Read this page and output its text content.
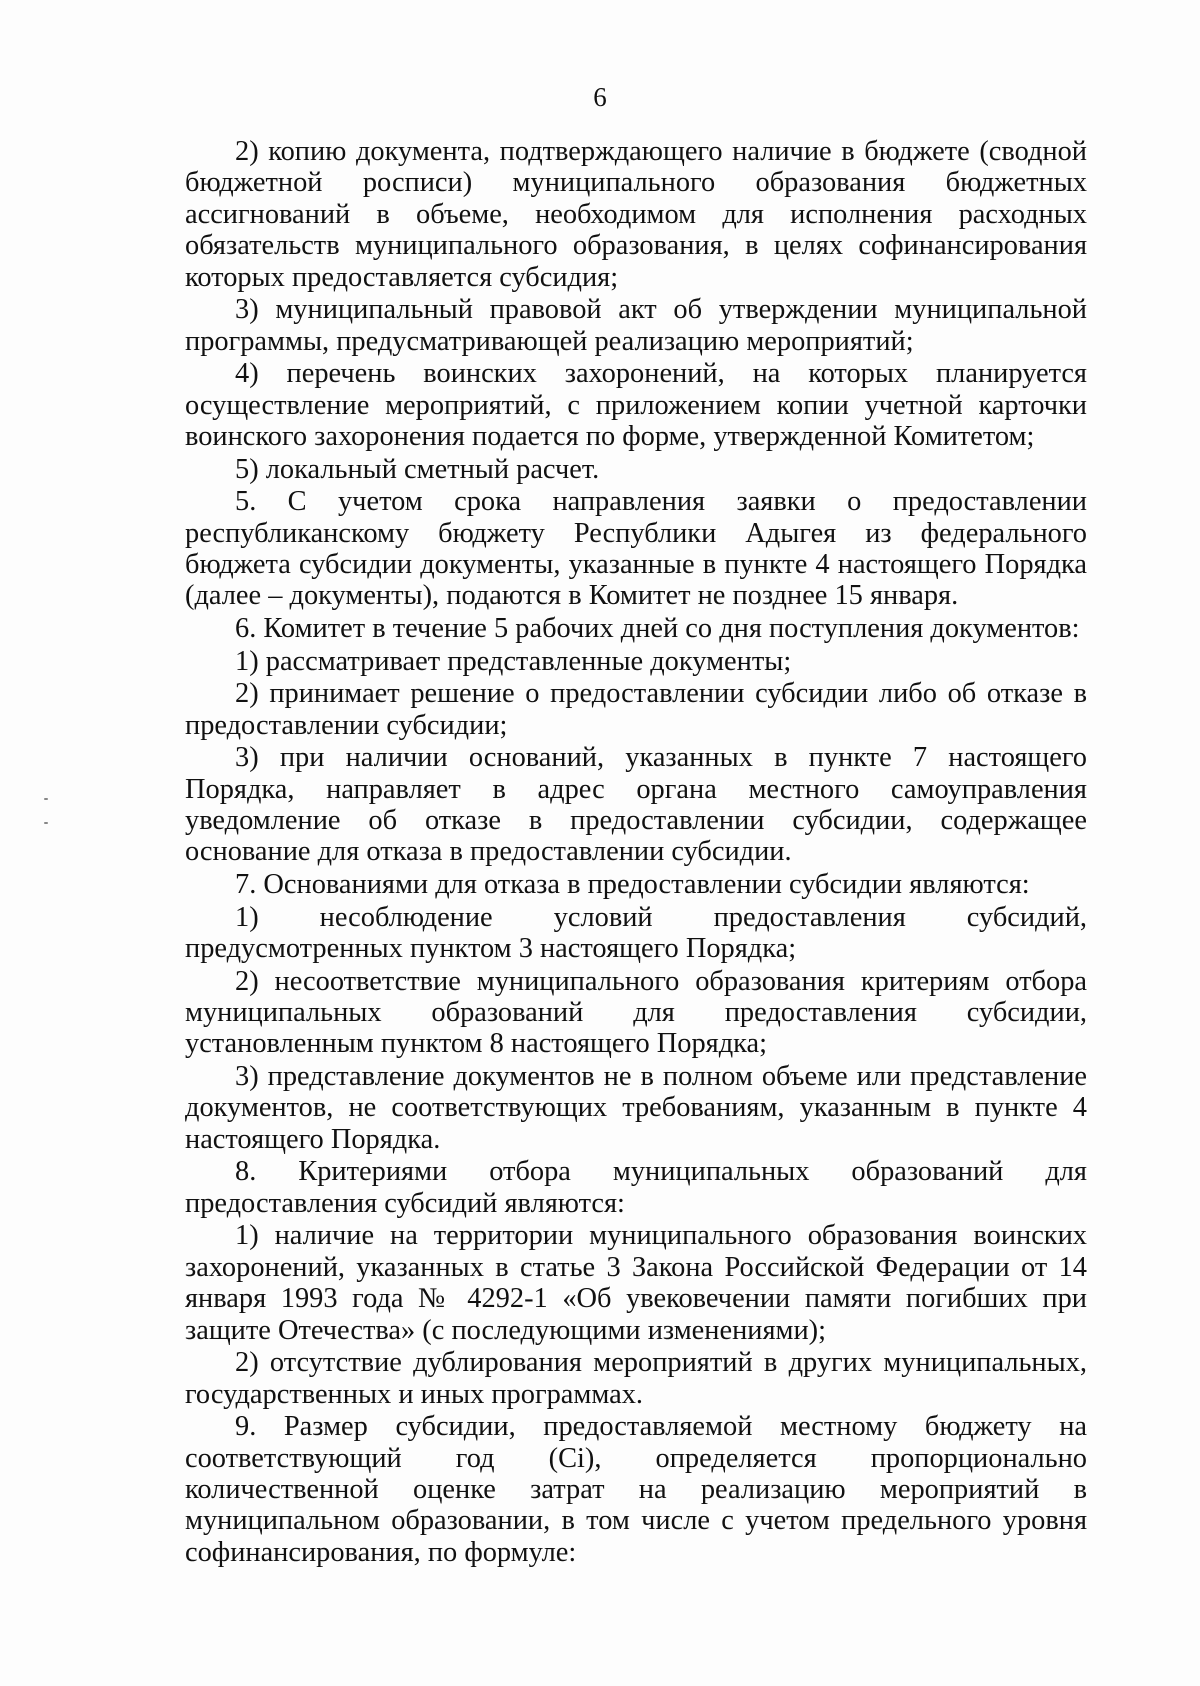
6

2) копию документа, подтверждающего наличие в бюджете (сводной бюджетной росписи) муниципального образования бюджетных ассигнований в объеме, необходимом для исполнения расходных обязательств муниципального образования, в целях софинансирования которых предоставляется субсидия;

3) муниципальный правовой акт об утверждении муниципальной программы, предусматривающей реализацию мероприятий;

4) перечень воинских захоронений, на которых планируется осуществление мероприятий, с приложением копии учетной карточки воинского захоронения подается по форме, утвержденной Комитетом;

5) локальный сметный расчет.

5. С учетом срока направления заявки о предоставлении республиканскому бюджету Республики Адыгея из федерального бюджета субсидии документы, указанные в пункте 4 настоящего Порядка (далее – документы), подаются в Комитет не позднее 15 января.

6. Комитет в течение 5 рабочих дней со дня поступления документов:

1) рассматривает представленные документы;

2) принимает решение о предоставлении субсидии либо об отказе в предоставлении субсидии;

3) при наличии оснований, указанных в пункте 7 настоящего Порядка, направляет в адрес органа местного самоуправления уведомление об отказе в предоставлении субсидии, содержащее основание для отказа в предоставлении субсидии.

7. Основаниями для отказа в предоставлении субсидии являются:

1) несоблюдение условий предоставления субсидий, предусмотренных пунктом 3 настоящего Порядка;

2) несоответствие муниципального образования критериям отбора муниципальных образований для предоставления субсидии, установленным пунктом 8 настоящего Порядка;

3) представление документов не в полном объеме или представление документов, не соответствующих требованиям, указанным в пункте 4 настоящего Порядка.

8. Критериями отбора муниципальных образований для предоставления субсидий являются:

1) наличие на территории муниципального образования воинских захоронений, указанных в статье 3 Закона Российской Федерации от 14 января 1993 года № 4292-1 «Об увековечении памяти погибших при защите Отечества» (с последующими изменениями);

2) отсутствие дублирования мероприятий в других муниципальных, государственных и иных программах.

9. Размер субсидии, предоставляемой местному бюджету на соответствующий год (Ci), определяется пропорционально количественной оценке затрат на реализацию мероприятий в муниципальном образовании, в том числе с учетом предельного уровня софинансирования, по формуле:
